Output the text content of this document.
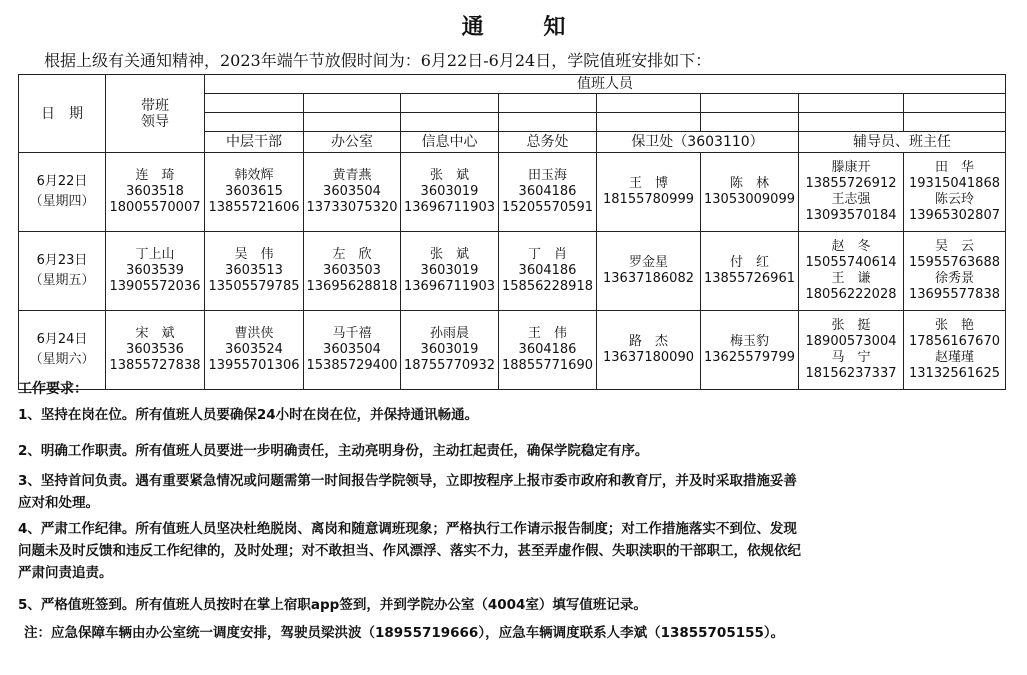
通 知
根据上级有关通知精神，2023年端午节放假时间为：6月22日-6月24日，学院值班安排如下：
日　期	带班
领导	值班人员							

		中层干部	办公室	信息中心	总务处	保卫处（3603110）		辅导员、班主任	

6月22日
（星期四）	连　琦
3603518
18005570007	韩效辉
3603615
13855721606	黄青燕
3603504
13733075320	张　斌
3603019
13696711903	田玉海
3604186
15205570591	王　博
18155780999	陈　林
13053009099	滕康开
13855726912
王志强
13093570184	田　华
19315041868
陈云玲
13965302807

6月23日
（星期五）	丁上山
3603539
13905572036	吴　伟
3603513
13505579785	左　欣
3603503
13695628818	张　斌
3603019
13696711903	丁　肖
3604186
15856228918	罗金星
13637186082	付　红
13855726961	赵　冬
15055740614
王　谦
18056222028	吴　云
15955763688
徐秀景
13695577838

6月24日
（星期六）	宋　斌
3603536
13855727838	曹洪侠
3603524
13955701306	马千禧
3603504
15385729400	孙雨晨
3603019
18755770932	王　伟
3604186
18855771690	路　杰
13637180090	梅玉豹
13625579799	张　挺
18900573004
马　宁
18156237337	张　艳
17856167670
赵瑾瑾
13132561625
工作要求：
1、坚持在岗在位。所有值班人员要确保24小时在岗在位，并保持通讯畅通。
2、明确工作职责。所有值班人员要进一步明确责任，主动亮明身份，主动扛起责任，确保学院稳定有序。
3、坚持首问负责。遇有重要紧急情况或问题需第一时间报告学院领导，立即按程序上报市委市政府和教育厅，并及时采取措施妥善
应对和处理。
4、严肃工作纪律。所有值班人员坚决杜绝脱岗、离岗和随意调班现象；严格执行工作请示报告制度；对工作措施落实不到位、发现
问题未及时反馈和违反工作纪律的，及时处理；对不敢担当、作风漂浮、落实不力，甚至弄虚作假、失职渎职的干部职工，依规依纪
严肃问责追责。
5、严格值班签到。所有值班人员按时在掌上宿职app签到，并到学院办公室（4004室）填写值班记录。
注：应急保障车辆由办公室统一调度安排，驾驶员梁洪波（18955719666），应急车辆调度联系人李斌（13855705155）。
